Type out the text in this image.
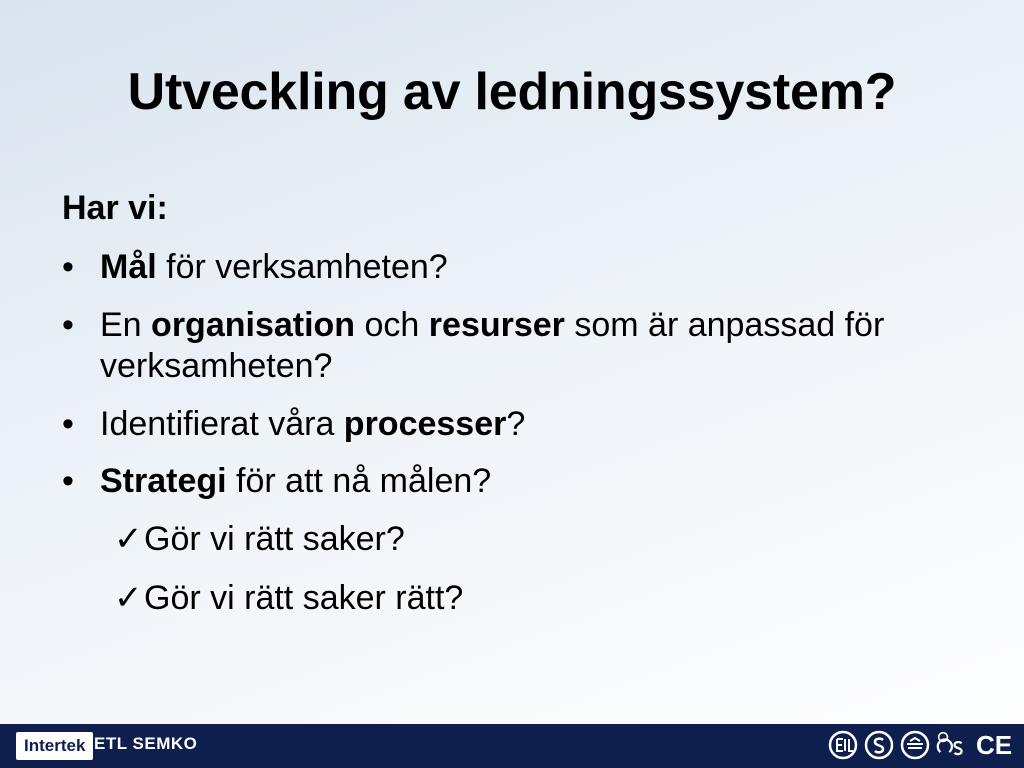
Utveckling av ledningssystem?
Har vi:
• Mål för verksamheten?
• En organisation och resurser som är anpassad för verksamheten?
• Identifierat våra processer?
• Strategi för att nå målen?
✓ Gör vi rätt saker?
✓ Gör vi rätt saker rätt?
Intertek ETL SEMKO	CE
